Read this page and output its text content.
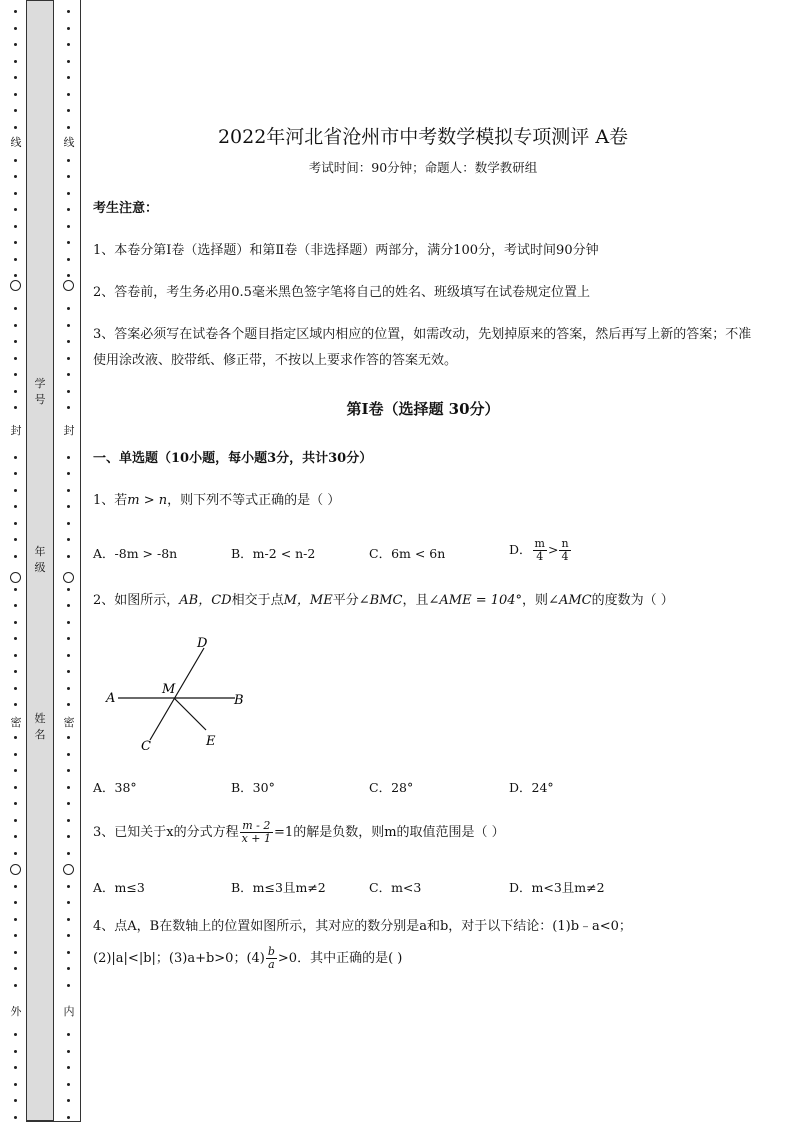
线
封
密
外
学
号
年
级
姓
名
线
封
密
内
2022年河北省沧州市中考数学模拟专项测评 A卷
考试时间：90分钟；命题人：数学教研组
考生注意：
1、本卷分第I卷（选择题）和第Ⅱ卷（非选择题）两部分，满分100分，考试时间90分钟
2、答卷前，考生务必用0.5毫米黑色签字笔将自己的姓名、班级填写在试卷规定位置上
3、答案必须写在试卷各个题目指定区域内相应的位置，如需改动，先划掉原来的答案，然后再写上新的答案；不准使用涂改液、胶带纸、修正带，不按以上要求作答的答案无效。
第I卷（选择题 30分）
一、单选题（10小题，每小题3分，共计30分）
1、若m > n，则下列不等式正确的是（ ）
A．-8m > -8n	B．m-2 < n-2	C．6m < 6n	D． $\frac{m}{4} > \frac{n}{4}$
2、如图所示，AB，CD相交于点M，ME平分∠BMC，且∠AME = 104°，则∠AMC的度数为（ ）
A	B
C
D
E
M
A．38°	B．30°	C．28°	D．24°
3、已知关于x的分式方程 $\frac{m - 2}{x + 1} =1$的解是负数，则m的取值范围是（ ）
A．m≤3	B．m≤3且m≠2	C．m<3	D．m<3且m≠2
4、点A，B在数轴上的位置如图所示，其对应的数分别是a和b，对于以下结论：(1)b﹣a<0；
(2)|a|<|b|；(3)a+b>0；$(4) \frac{b}{a} >0$．其中正确的是( )
